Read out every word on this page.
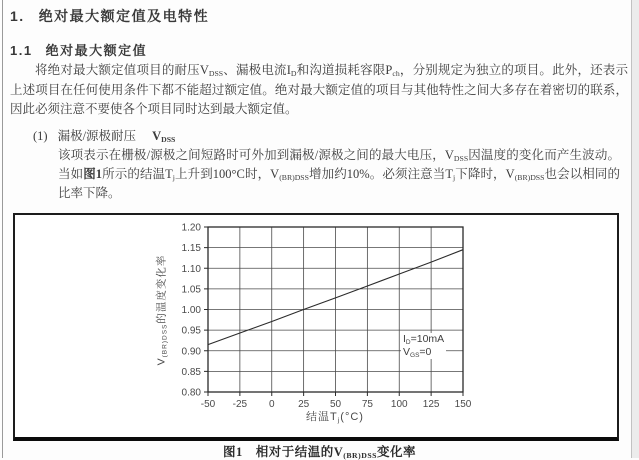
1. 绝对最大额定值及电特性
1.1 绝对最大额定值

将绝对最大额定值项目的耐压$V_{DSS}$、漏极电流$I_D$和沟道损耗容限$P_{ch}$，分别规定为独立的项目。此外，还表示上述项目在任何使用条件下都不能超过额定值。绝对最大额定值的项目与其他特性之间大多存在着密切的联系，因此必须注意不要使各个项目同时达到最大额定值。

(1) 漏极/源极耐压 $V_{DSS}$

该项表示在栅极/源极之间短路时可外加到漏极/源极之间的最大电压，$V_{DSS}$因温度的变化而产生波动。当如图1所示的结温$T_j$上升到100°C时，$V_{(BR)DSS}$增加约10%。必须注意当$T_j$下降时，$V_{(BR)DSS}$也会以相同的比率下降。

0.80
0.85
0.90
0.95
1.00
1.05
1.10
1.15
1.20
-50 -25 0 25 50 75 100 125 150
$V_{(BR)DSS}$的温度变化率
结温$T_j(^\circ C)$
$I_D=10mA$
$V_{GS}=0$
图1　相对于结温的$V_{(BR)DSS}$变化率
